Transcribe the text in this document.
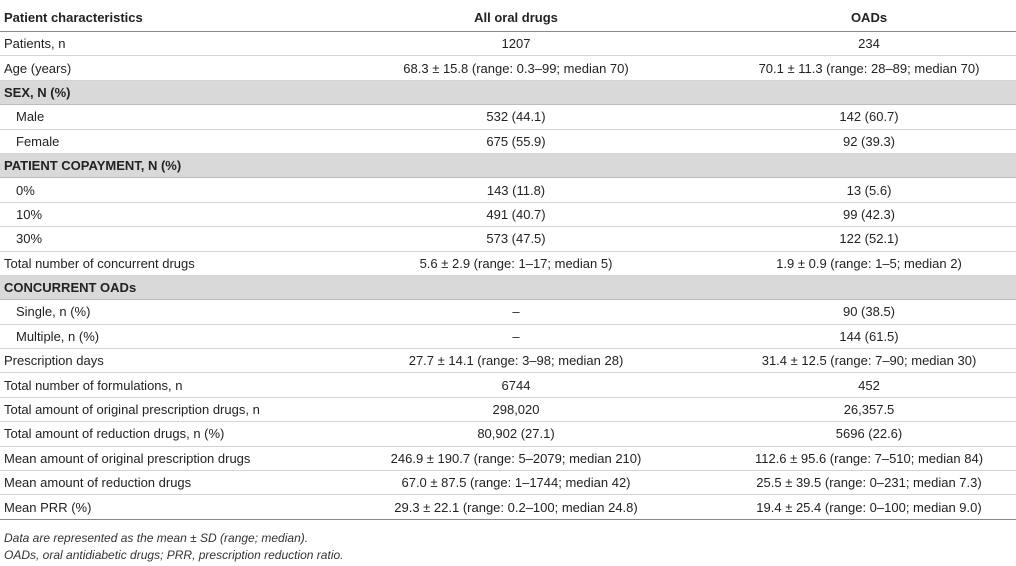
Patient characteristics	All oral drugs	OADs
Patients, n	1207	234
Age (years)	68.3 ± 15.8 (range: 0.3–99; median 70)	70.1 ± 11.3 (range: 28–89; median 70)
SEX, N (%)		
Male	532 (44.1)	142 (60.7)
Female	675 (55.9)	92 (39.3)
PATIENT COPAYMENT, N (%)		
0%	143 (11.8)	13 (5.6)
10%	491 (40.7)	99 (42.3)
30%	573 (47.5)	122 (52.1)
Total number of concurrent drugs	5.6 ± 2.9 (range: 1–17; median 5)	1.9 ± 0.9 (range: 1–5; median 2)
CONCURRENT OADs		
Single, n (%)	–	90 (38.5)
Multiple, n (%)	–	144 (61.5)
Prescription days	27.7 ± 14.1 (range: 3–98; median 28)	31.4 ± 12.5 (range: 7–90; median 30)
Total number of formulations, n	6744	452
Total amount of original prescription drugs, n	298,020	26,357.5
Total amount of reduction drugs, n (%)	80,902 (27.1)	5696 (22.6)
Mean amount of original prescription drugs	246.9 ± 190.7 (range: 5–2079; median 210)	112.6 ± 95.6 (range: 7–510; median 84)
Mean amount of reduction drugs	67.0 ± 87.5 (range: 1–1744; median 42)	25.5 ± 39.5 (range: 0–231; median 7.3)
Mean PRR (%)	29.3 ± 22.1 (range: 0.2–100; median 24.8)	19.4 ± 25.4 (range: 0–100; median 9.0)
Data are represented as the mean ± SD (range; median).
OADs, oral antidiabetic drugs; PRR, prescription reduction ratio.
